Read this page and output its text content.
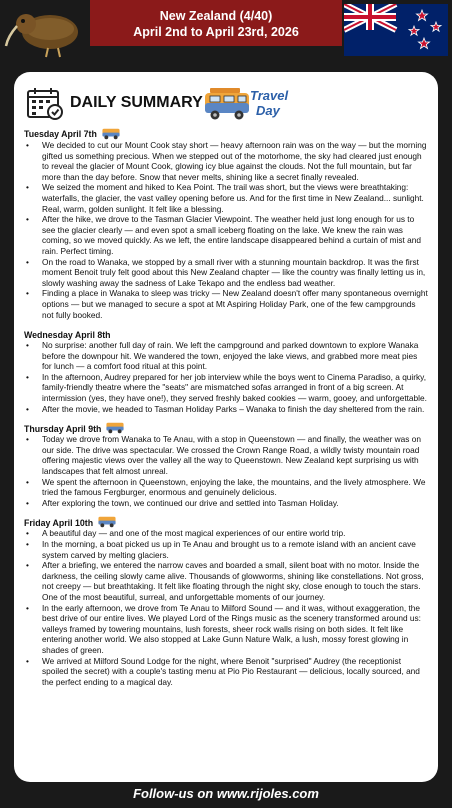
New Zealand (4/40)
April 2nd to April 23rd, 2026
DAILY SUMMARY	Travel
Day
Tuesday April 7th
• We decided to cut our Mount Cook stay short — heavy afternoon rain was on the way — but the morning gifted us something precious. When we stepped out of the motorhome, the sky had cleared just enough to reveal the glacier of Mount Cook, glowing icy blue against the clouds. Not the full mountain, but far more than the day before. Snow that never melts, shining like a secret finally revealed.
• We seized the moment and hiked to Kea Point. The trail was short, but the views were breathtaking: waterfalls, the glacier, the vast valley opening before us. And for the first time in New Zealand... sunlight. Real, warm, golden sunlight. It felt like a blessing.
• After the hike, we drove to the Tasman Glacier Viewpoint. The weather held just long enough for us to see the glacier clearly — and even spot a small iceberg floating on the lake. We knew the rain was coming, so we moved quickly. As we left, the entire landscape disappeared behind a curtain of mist and rain. Perfect timing.
• On the road to Wanaka, we stopped by a small river with a stunning mountain backdrop. It was the first moment Benoit truly felt good about this New Zealand chapter — like the country was finally letting us in, slowly washing away the sadness of Lake Tekapo and the endless bad weather.
• Finding a place in Wanaka to sleep was tricky — New Zealand doesn't offer many spontaneous overnight options — but we managed to secure a spot at Mt Aspiring Holiday Park, one of the few campgrounds not fully booked.
Wednesday April 8th
• No surprise: another full day of rain. We left the campground and parked downtown to explore Wanaka before the downpour hit. We wandered the town, enjoyed the lake views, and grabbed more meat pies for lunch — a comfort food ritual at this point.
• In the afternoon, Audrey prepared for her job interview while the boys went to Cinema Paradiso, a quirky, family-friendly theatre where the "seats" are mismatched sofas arranged in front of a big screen. At intermission (yes, they have one!), they served freshly baked cookies — warm, gooey, and unforgettable.
• After the movie, we headed to Tasman Holiday Parks – Wanaka to finish the day sheltered from the rain.
Thursday April 9th
• Today we drove from Wanaka to Te Anau, with a stop in Queenstown — and finally, the weather was on our side. The drive was spectacular. We crossed the Crown Range Road, a wildly twisty mountain road offering majestic views over the valley all the way to Queenstown. New Zealand kept surprising us with landscapes that felt almost unreal.
• We spent the afternoon in Queenstown, enjoying the lake, the mountains, and the lively atmosphere. We tried the famous Fergburger, enormous and genuinely delicious.
• After exploring the town, we continued our drive and settled into Tasman Holiday.
Friday April 10th
• A beautiful day — and one of the most magical experiences of our entire world trip.
• In the morning, a boat picked us up in Te Anau and brought us to a remote island with an ancient cave system carved by melting glaciers.
• After a briefing, we entered the narrow caves and boarded a small, silent boat with no motor. Inside the darkness, the ceiling slowly came alive. Thousands of glowworms, shining like constellations. Not gross, not creepy — but breathtaking. It felt like floating through the night sky, close enough to touch the stars. One of the most beautiful, surreal, and unforgettable moments of our journey.
• In the early afternoon, we drove from Te Anau to Milford Sound — and it was, without exaggeration, the best drive of our entire lives. We played Lord of the Rings music as the scenery transformed around us: valleys framed by towering mountains, lush forests, sheer rock walls rising on both sides. It felt like entering another world. We also stopped at Lake Gunn Nature Walk, a lush, mossy forest glowing in shades of green.
• We arrived at Milford Sound Lodge for the night, where Benoit "surprised" Audrey (the receptionist spoiled the secret) with a couple's tasting menu at Pio Pio Restaurant — delicious, locally sourced, and the perfect ending to a magical day.
Follow-us on www.rijoles.com
